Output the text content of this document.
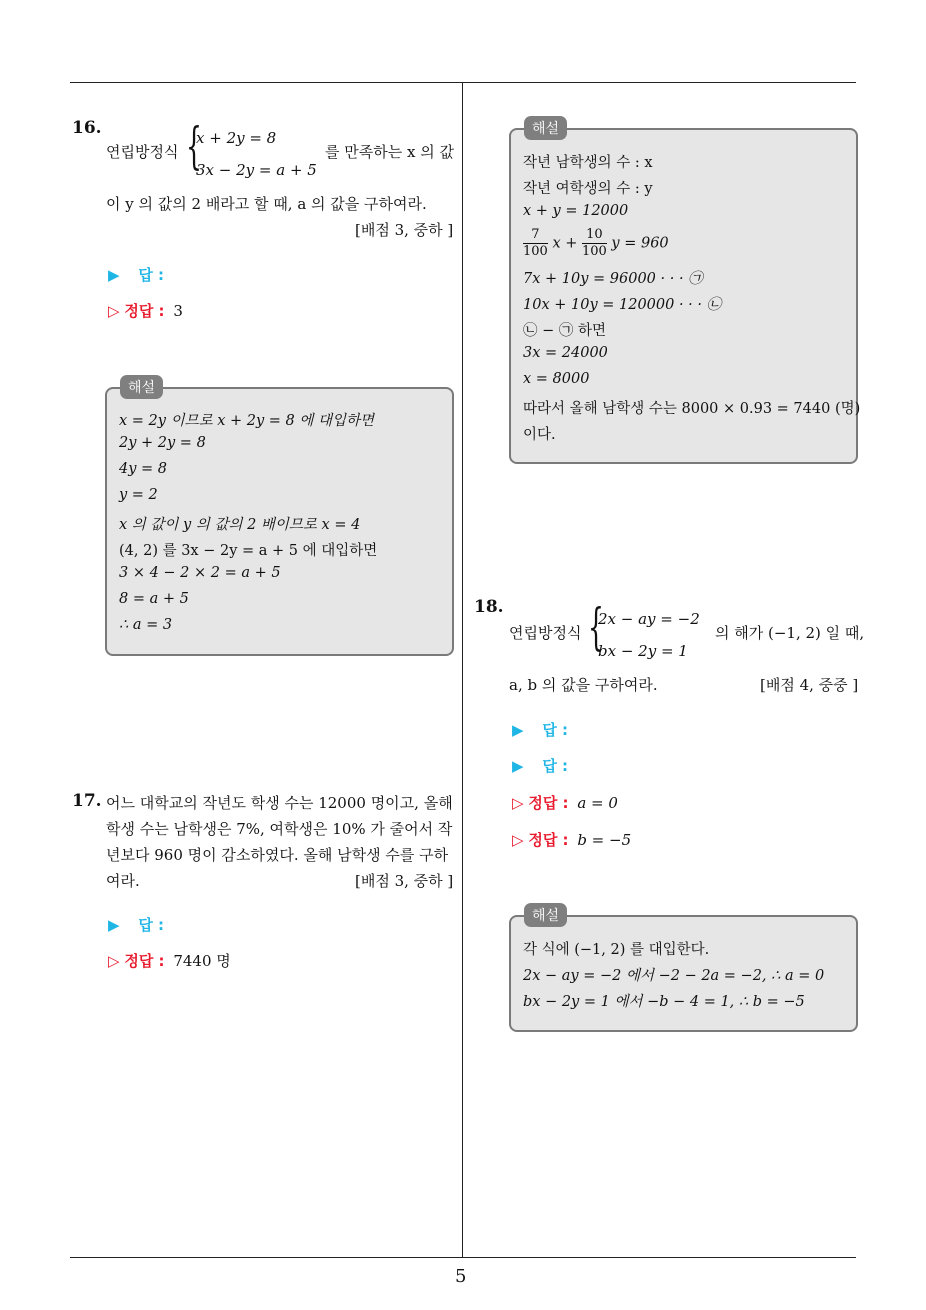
16.
연립방정식 {
x + 2y = 8
3x − 2y = a + 5
를 만족하는 x 의 값
이 y 의 값의 2 배라고 할 때, a 의 값을 구하여라.
[배점 3, 중하 ]
▶ 답 :
▷ 정답 : 3
x = 2y 이므로 x + 2y = 8 에 대입하면
2y + 2y = 8
4y = 8
y = 2
x 의 값이 y 의 값의 2 배이므로 x = 4
(4, 2) 를 3x − 2y = a + 5 에 대입하면
3 × 4 − 2 × 2 = a + 5
8 = a + 5
∴ a = 3
해설
17. 어느 대학교의 작년도 학생 수는 12000 명이고, 올해
학생 수는 남학생은 7%, 여학생은 10% 가 줄어서 작
년보다 960 명이 감소하였다. 올해 남학생 수를 구하
여라.	[배점 3, 중하 ]
▶ 답 :
▷ 정답 : 7440 명
작년 남학생의 수 : x
작년 여학생의 수 : y
x + y = 12000
$\frac{7}{100}$ $x + \frac{10}{100}$ y = 960
7x + 10y = 96000 · · · ㉠
10x + 10y = 120000 · · · ㉡
㉡ − ㉠ 하면
3x = 24000
x = 8000
따라서 올해 남학생 수는 8000 × 0.93 = 7440 (명)
이다.
해설
18.
연립방정식 {
2x − ay = −2
bx − 2y = 1
의 해가 (−1, 2) 일 때,
a, b 의 값을 구하여라.	[배점 4, 중중 ]
▶ 답 :
▶ 답 :
▷ 정답 : a = 0
▷ 정답 : b = −5
각 식에 (−1, 2) 를 대입한다.
2x − ay = −2 에서 −2 − 2a = −2, ∴ a = 0
bx − 2y = 1 에서 −b − 4 = 1, ∴ b = −5
해설
5
